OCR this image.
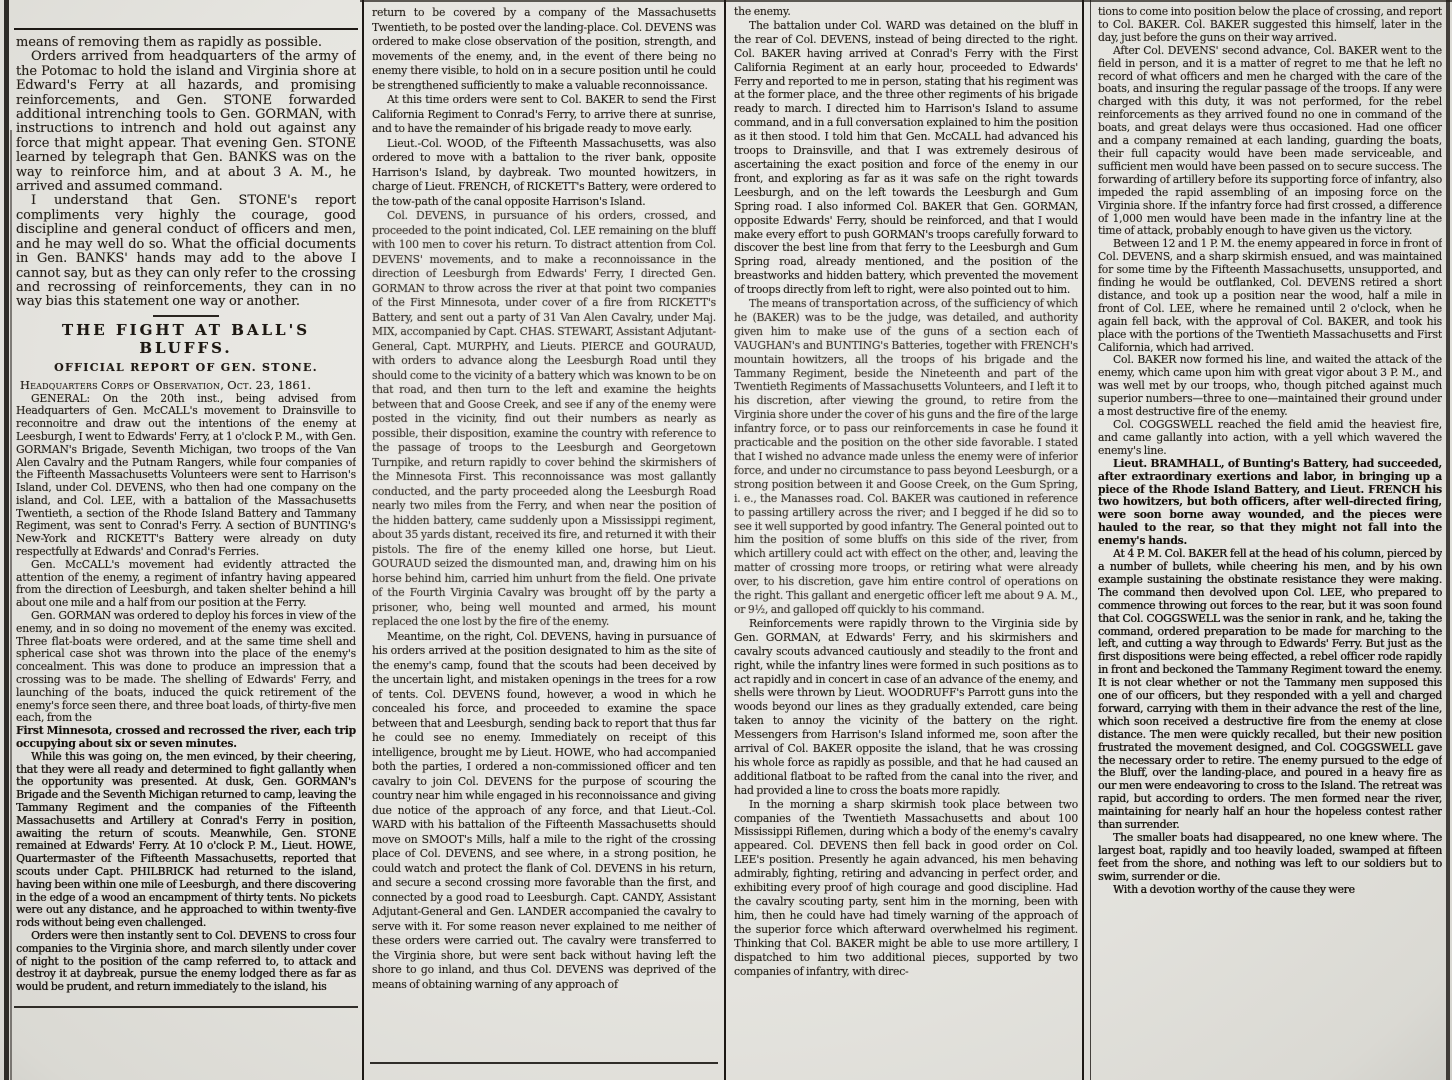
means of removing them as rapidly as possible.

Orders arrived from headquarters of the army of the Potomac to hold the island and Virginia shore at Edward's Ferry at all hazards, and promising reinforcements, and Gen. STONE forwarded additional intrenching tools to Gen. GORMAN, with instructions to intrench and hold out against any force that might appear. That evening Gen. STONE learned by telegraph that Gen. BANKS was on the way to reinforce him, and at about 3 A. M., he arrived and assumed command.

I understand that Gen. STONE's report compliments very highly the courage, good discipline and general conduct of officers and men, and he may well do so. What the official documents in Gen. BANKS' hands may add to the above I cannot say, but as they can only refer to the crossing and recrossing of reinforcements, they can in no way bias this statement one way or another.

THE FIGHT AT BALL'S BLUFFS.
OFFICIAL REPORT OF GEN. STONE.

Headquarters Corps of Observation, Oct. 23, 1861.

GENERAL: On the 20th inst., being advised from Headquarters of Gen. McCALL's movement to Drainsville to reconnoitre and draw out the intentions of the enemy at Leesburgh, I went to Edwards' Ferry, at 1 o'clock P. M., with Gen. GORMAN's Brigade, Seventh Michigan, two troops of the Van Alen Cavalry and the Putnam Rangers, while four companies of the Fifteenth Massachusetts Volunteers were sent to Harrison's Island, under Col. DEVENS, who then had one company on the island, and Col. LEE, with a battalion of the Massachusetts Twentieth, a section of the Rhode Island Battery and Tammany Regiment, was sent to Conrad's Ferry. A section of BUNTING's New-York and RICKETT's Battery were already on duty respectfully at Edwards' and Conrad's Ferries.

Gen. McCALL's movement had evidently attracted the attention of the enemy, a regiment of infantry having appeared from the direction of Leesburgh, and taken shelter behind a hill about one mile and a half from our position at the Ferry.

Gen. GORMAN was ordered to deploy his forces in view of the enemy, and in so doing no movement of the enemy was excited. Three flat-boats were ordered, and at the same time shell and spherical case shot was thrown into the place of the enemy's concealment. This was done to produce an impression that a crossing was to be made. The shelling of Edwards' Ferry, and launching of the boats, induced the quick retirement of the enemy's force seen there, and three boat loads, of thirty-five men each, from the

First Minnesota, crossed and recrossed the river, each trip occupying about six or seven minutes.

While this was going on, the men evinced, by their cheering, that they were all ready and determined to fight gallantly when the opportunity was presented. At dusk, Gen. GORMAN's Brigade and the Seventh Michigan returned to camp, leaving the Tammany Regiment and the companies of the Fifteenth Massachusetts and Artillery at Conrad's Ferry in position, awaiting the return of scouts. Meanwhile, Gen. STONE remained at Edwards' Ferry. At 10 o'clock P. M., Lieut. HOWE, Quartermaster of the Fifteenth Massachusetts, reported that scouts under Capt. PHILBRICK had returned to the island, having been within one mile of Leesburgh, and there discovering in the edge of a wood an encampment of thirty tents. No pickets were out any distance, and he approached to within twenty-five rods without being even challenged.

Orders were then instantly sent to Col. DEVENS to cross four companies to the Virginia shore, and march silently under cover of night to the position of the camp referred to, to attack and destroy it at daybreak, pursue the enemy lodged there as far as would be prudent, and return immediately to the island, his

return to be covered by a company of the Massachusetts Twentieth, to be posted over the landing-place. Col. DEVENS was ordered to make close observation of the position, strength, and movements of the enemy, and, in the event of there being no enemy there visible, to hold on in a secure position until he could be strengthened sufficiently to make a valuable reconnoissance.

At this time orders were sent to Col. BAKER to send the First California Regiment to Conrad's Ferry, to arrive there at sunrise, and to have the remainder of his brigade ready to move early.

Lieut.-Col. WOOD, of the Fifteenth Massachusetts, was also ordered to move with a battalion to the river bank, opposite Harrison's Island, by daybreak. Two mounted howitzers, in charge of Lieut. FRENCH, of RICKETT's Battery, were ordered to the tow-path of the canal opposite Harrison's Island.

Col. DEVENS, in pursuance of his orders, crossed, and proceeded to the point indicated, Col. LEE remaining on the bluff with 100 men to cover his return. To distract attention from Col. DEVENS' movements, and to make a reconnoissance in the direction of Leesburgh from Edwards' Ferry, I directed Gen. GORMAN to throw across the river at that point two companies of the First Minnesota, under cover of a fire from RICKETT's Battery, and sent out a party of 31 Van Alen Cavalry, under Maj. MIX, accompanied by Capt. CHAS. STEWART, Assistant Adjutant-General, Capt. MURPHY, and Lieuts. PIERCE and GOURAUD, with orders to advance along the Leesburgh Road until they should come to the vicinity of a battery which was known to be on that road, and then turn to the left and examine the heights between that and Goose Creek, and see if any of the enemy were posted in the vicinity, find out their numbers as nearly as possible, their disposition, examine the country with reference to the passage of troops to the Leesburgh and Georgetown Turnpike, and return rapidly to cover behind the skirmishers of the Minnesota First. This reconnoissance was most gallantly conducted, and the party proceeded along the Leesburgh Road nearly two miles from the Ferry, and when near the position of the hidden battery, came suddenly upon a Mississippi regiment, about 35 yards distant, received its fire, and returned it with their pistols. The fire of the enemy killed one horse, but Lieut. GOURAUD seized the dismounted man, and, drawing him on his horse behind him, carried him unhurt from the field. One private of the Fourth Virginia Cavalry was brought off by the party a prisoner, who, being well mounted and armed, his mount replaced the one lost by the fire of the enemy.

Meantime, on the right, Col. DEVENS, having in pursuance of his orders arrived at the position designated to him as the site of the enemy's camp, found that the scouts had been deceived by the uncertain light, and mistaken openings in the trees for a row of tents. Col. DEVENS found, however, a wood in which he concealed his force, and proceeded to examine the space between that and Leesburgh, sending back to report that thus far he could see no enemy. Immediately on receipt of this intelligence, brought me by Lieut. HOWE, who had accompanied both the parties, I ordered a non-commissioned officer and ten cavalry to join Col. DEVENS for the purpose of scouring the country near him while engaged in his reconnoissance and giving due notice of the approach of any force, and that Lieut.-Col. WARD with his battalion of the Fifteenth Massachusetts should move on SMOOT's Mills, half a mile to the right of the crossing place of Col. DEVENS, and see where, in a strong position, he could watch and protect the flank of Col. DEVENS in his return, and secure a second crossing more favorable than the first, and connected by a good road to Leesburgh. Capt. CANDY, Assistant Adjutant-General and Gen. LANDER accompanied the cavalry to serve with it. For some reason never explained to me neither of these orders were carried out. The cavalry were transferred to the Virginia shore, but were sent back without having left the shore to go inland, and thus Col. DEVENS was deprived of the means of obtaining warning of any approach of

the enemy.

The battalion under Col. WARD was detained on the bluff in the rear of Col. DEVENS, instead of being directed to the right. Col. BAKER having arrived at Conrad's Ferry with the First California Regiment at an early hour, proceeded to Edwards' Ferry and reported to me in person, stating that his regiment was at the former place, and the three other regiments of his brigade ready to march. I directed him to Harrison's Island to assume command, and in a full conversation explained to him the position as it then stood. I told him that Gen. McCALL had advanced his troops to Drainsville, and that I was extremely desirous of ascertaining the exact position and force of the enemy in our front, and exploring as far as it was safe on the right towards Leesburgh, and on the left towards the Leesburgh and Gum Spring road. I also informed Col. BAKER that Gen. GORMAN, opposite Edwards' Ferry, should be reinforced, and that I would make every effort to push GORMAN's troops carefully forward to discover the best line from that ferry to the Leesburgh and Gum Spring road, already mentioned, and the position of the breastworks and hidden battery, which prevented the movement of troops directly from left to right, were also pointed out to him.

The means of transportation across, of the sufficiency of which he (BAKER) was to be the judge, was detailed, and authority given him to make use of the guns of a section each of VAUGHAN's and BUNTING's Batteries, together with FRENCH's mountain howitzers, all the troops of his brigade and the Tammany Regiment, beside the Nineteenth and part of the Twentieth Regiments of Massachusetts Volunteers, and I left it to his discretion, after viewing the ground, to retire from the Virginia shore under the cover of his guns and the fire of the large infantry force, or to pass our reinforcements in case he found it practicable and the position on the other side favorable. I stated that I wished no advance made unless the enemy were of inferior force, and under no circumstance to pass beyond Leesburgh, or a strong position between it and Goose Creek, on the Gum Spring, i. e., the Manasses road. Col. BAKER was cautioned in reference to passing artillery across the river; and I begged if he did so to see it well supported by good infantry. The General pointed out to him the position of some bluffs on this side of the river, from which artillery could act with effect on the other, and, leaving the matter of crossing more troops, or retiring what were already over, to his discretion, gave him entire control of operations on the right. This gallant and energetic officer left me about 9 A. M., or 9½, and galloped off quickly to his command.

Reinforcements were rapidly thrown to the Virginia side by Gen. GORMAN, at Edwards' Ferry, and his skirmishers and cavalry scouts advanced cautiously and steadily to the front and right, while the infantry lines were formed in such positions as to act rapidly and in concert in case of an advance of the enemy, and shells were thrown by Lieut. WOODRUFF's Parrott guns into the woods beyond our lines as they gradually extended, care being taken to annoy the vicinity of the battery on the right. Messengers from Harrison's Island informed me, soon after the arrival of Col. BAKER opposite the island, that he was crossing his whole force as rapidly as possible, and that he had caused an additional flatboat to be rafted from the canal into the river, and had provided a line to cross the boats more rapidly.

In the morning a sharp skirmish took place between two companies of the Twentieth Massachusetts and about 100 Mississippi Riflemen, during which a body of the enemy's cavalry appeared. Col. DEVENS then fell back in good order on Col. LEE's position. Presently he again advanced, his men behaving admirably, fighting, retiring and advancing in perfect order, and exhibiting every proof of high courage and good discipline. Had the cavalry scouting party, sent him in the morning, been with him, then he could have had timely warning of the approach of the superior force which afterward overwhelmed his regiment. Thinking that Col. BAKER might be able to use more artillery, I dispatched to him two additional pieces, supported by two companies of infantry, with direc-

tions to come into position below the place of crossing, and report to Col. BAKER. Col. BAKER suggested this himself, later in the day, just before the guns on their way arrived.

After Col. DEVENS' second advance, Col. BAKER went to the field in person, and it is a matter of regret to me that he left no record of what officers and men he charged with the care of the boats, and insuring the regular passage of the troops. If any were charged with this duty, it was not performed, for the rebel reinforcements as they arrived found no one in command of the boats, and great delays were thus occasioned. Had one officer and a company remained at each landing, guarding the boats, their full capacity would have been made serviceable, and sufficient men would have been passed on to secure success. The forwarding of artillery before its supporting force of infantry, also impeded the rapid assembling of an imposing force on the Virginia shore. If the infantry force had first crossed, a difference of 1,000 men would have been made in the infantry line at the time of attack, probably enough to have given us the victory.

Between 12 and 1 P. M. the enemy appeared in force in front of Col. DEVENS, and a sharp skirmish ensued, and was maintained for some time by the Fifteenth Massachusetts, unsupported, and finding he would be outflanked, Col. DEVENS retired a short distance, and took up a position near the wood, half a mile in front of Col. LEE, where he remained until 2 o'clock, when he again fell back, with the approval of Col. BAKER, and took his place with the portions of the Twentieth Massachusetts and First California, which had arrived.

Col. BAKER now formed his line, and waited the attack of the enemy, which came upon him with great vigor about 3 P. M., and was well met by our troops, who, though pitched against much superior numbers—three to one—maintained their ground under a most destructive fire of the enemy.

Col. COGGSWELL reached the field amid the heaviest fire, and came gallantly into action, with a yell which wavered the enemy's line.

Lieut. BRAMHALL, of Bunting's Battery, had succeeded, after extraordinary exertions and labor, in bringing up a piece of the Rhode Island Battery, and Lieut. FRENCH his two howitzers, but both officers, after well-directed firing, were soon borne away wounded, and the pieces were hauled to the rear, so that they might not fall into the enemy's hands.

At 4 P. M. Col. BAKER fell at the head of his column, pierced by a number of bullets, while cheering his men, and by his own example sustaining the obstinate resistance they were making. The command then devolved upon Col. LEE, who prepared to commence throwing out forces to the rear, but it was soon found that Col. COGGSWELL was the senior in rank, and he, taking the command, ordered preparation to be made for marching to the left, and cutting a way through to Edwards' Ferry. But just as the first dispositions were being effected, a rebel officer rode rapidly in front and beckoned the Tammany Regiment toward the enemy. It is not clear whether or not the Tammany men supposed this one of our officers, but they responded with a yell and charged forward, carrying with them in their advance the rest of the line, which soon received a destructive fire from the enemy at close distance. The men were quickly recalled, but their new position frustrated the movement designed, and Col. COGGSWELL gave the necessary order to retire. The enemy pursued to the edge of the Bluff, over the landing-place, and poured in a heavy fire as our men were endeavoring to cross to the Island. The retreat was rapid, but according to orders. The men formed near the river, maintaining for nearly half an hour the hopeless contest rather than surrender.

The smaller boats had disappeared, no one knew where. The largest boat, rapidly and too heavily loaded, swamped at fifteen feet from the shore, and nothing was left to our soldiers but to swim, surrender or die.

With a devotion worthy of the cause they were
